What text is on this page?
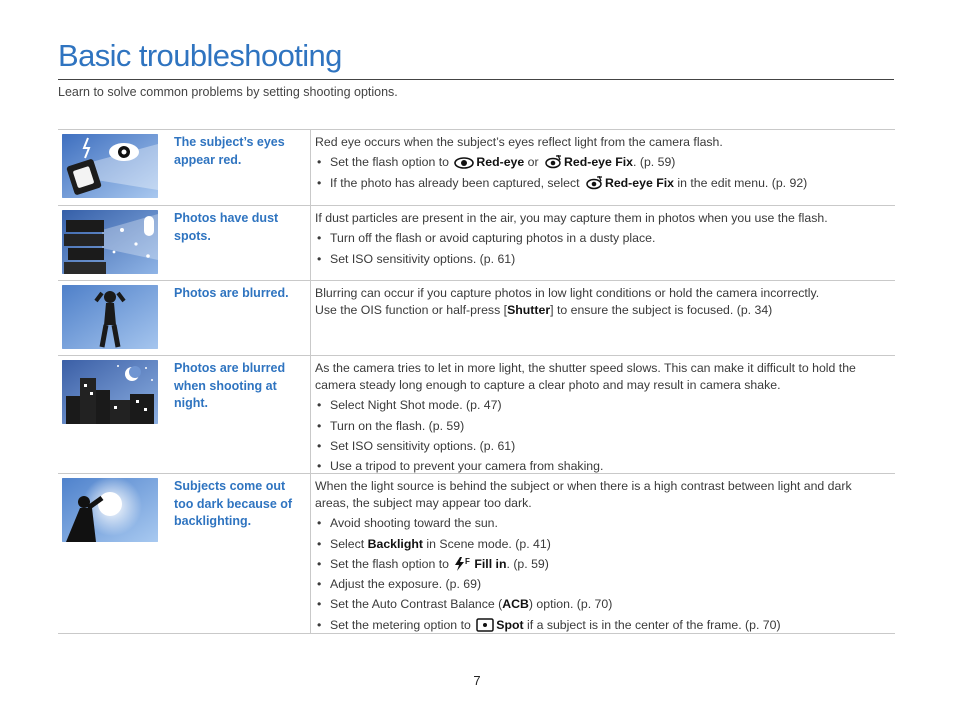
Basic troubleshooting
Learn to solve common problems by setting shooting options.
The subject’s eyes appear red.

Red eye occurs when the subject’s eyes reflect light from the camera flash.

• Set the flash option to Red-eye or Red-eye Fix. (p. 59)
• If the photo has already been captured, select Red-eye Fix in the edit menu. (p. 92)
Photos have dust spots.

If dust particles are present in the air, you may capture them in photos when you use the flash.

• Turn off the flash or avoid capturing photos in a dusty place.
• Set ISO sensitivity options. (p. 61)
Photos are blurred.	Blurring can occur if you capture photos in low light conditions or hold the camera incorrectly.

Use the OIS function or half-press [Shutter] to ensure the subject is focused. (p. 34)

Photos are blurred when shooting at night.

As the camera tries to let in more light, the shutter speed slows. This can make it difficult to hold the camera steady long enough to capture a clear photo and may result in camera shake.

• Select Night Shot mode. (p. 47)
• Turn on the flash. (p. 59)
• Set ISO sensitivity options. (p. 61)
• Use a tripod to prevent your camera from shaking.
Subjects come out too dark because of backlighting.

When the light source is behind the subject or when there is a high contrast between light and dark areas, the subject may appear too dark.

• Avoid shooting toward the sun.
• Select Backlight in Scene mode. (p. 41)
• Set the flash option to F Fill in. (p. 59)
• Adjust the exposure. (p. 69)
• Set the Auto Contrast Balance (ACB) option. (p. 70)
• Set the metering option to Spot if a subject is in the center of the frame. (p. 70)
7
